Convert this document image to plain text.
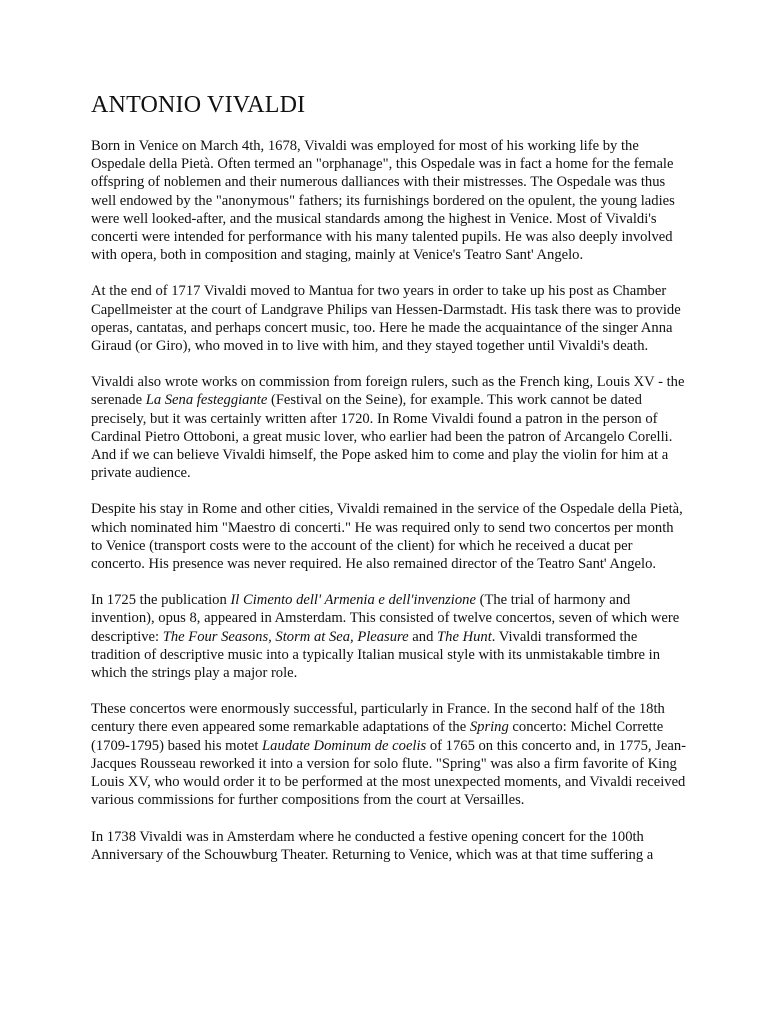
ANTONIO VIVALDI

Born in Venice on March 4th, 1678, Vivaldi was employed for most of his working life by the Ospedale della Pietà. Often termed an "orphanage", this Ospedale was in fact a home for the female offspring of noblemen and their numerous dalliances with their mistresses. The Ospedale was thus well endowed by the "anonymous" fathers; its furnishings bordered on the opulent, the young ladies were well looked-after, and the musical standards among the highest in Venice. Most of Vivaldi's concerti were intended for performance with his many talented pupils. He was also deeply involved with opera, both in composition and staging, mainly at Venice's Teatro Sant' Angelo.

At the end of 1717 Vivaldi moved to Mantua for two years in order to take up his post as Chamber Capellmeister at the court of Landgrave Philips van Hessen-Darmstadt. His task there was to provide operas, cantatas, and perhaps concert music, too. Here he made the acquaintance of the singer Anna Giraud (or Giro), who moved in to live with him, and they stayed together until Vivaldi's death.

Vivaldi also wrote works on commission from foreign rulers, such as the French king, Louis XV - the serenade La Sena festeggiante (Festival on the Seine), for example. This work cannot be dated precisely, but it was certainly written after 1720. In Rome Vivaldi found a patron in the person of Cardinal Pietro Ottoboni, a great music lover, who earlier had been the patron of Arcangelo Corelli. And if we can believe Vivaldi himself, the Pope asked him to come and play the violin for him at a private audience.

Despite his stay in Rome and other cities, Vivaldi remained in the service of the Ospedale della Pietà, which nominated him "Maestro di concerti." He was required only to send two concertos per month to Venice (transport costs were to the account of the client) for which he received a ducat per concerto. His presence was never required. He also remained director of the Teatro Sant' Angelo.

In 1725 the publication Il Cimento dell' Armenia e dell'invenzione (The trial of harmony and invention), opus 8, appeared in Amsterdam. This consisted of twelve concertos, seven of which were descriptive: The Four Seasons, Storm at Sea, Pleasure and The Hunt. Vivaldi transformed the tradition of descriptive music into a typically Italian musical style with its unmistakable timbre in which the strings play a major role.

These concertos were enormously successful, particularly in France. In the second half of the 18th century there even appeared some remarkable adaptations of the Spring concerto: Michel Corrette (1709-1795) based his motet Laudate Dominum de coelis of 1765 on this concerto and, in 1775, Jean-Jacques Rousseau reworked it into a version for solo flute. "Spring" was also a firm favorite of King Louis XV, who would order it to be performed at the most unexpected moments, and Vivaldi received various commissions for further compositions from the court at Versailles.

In 1738 Vivaldi was in Amsterdam where he conducted a festive opening concert for the 100th Anniversary of the Schouwburg Theater. Returning to Venice, which was at that time suffering a
